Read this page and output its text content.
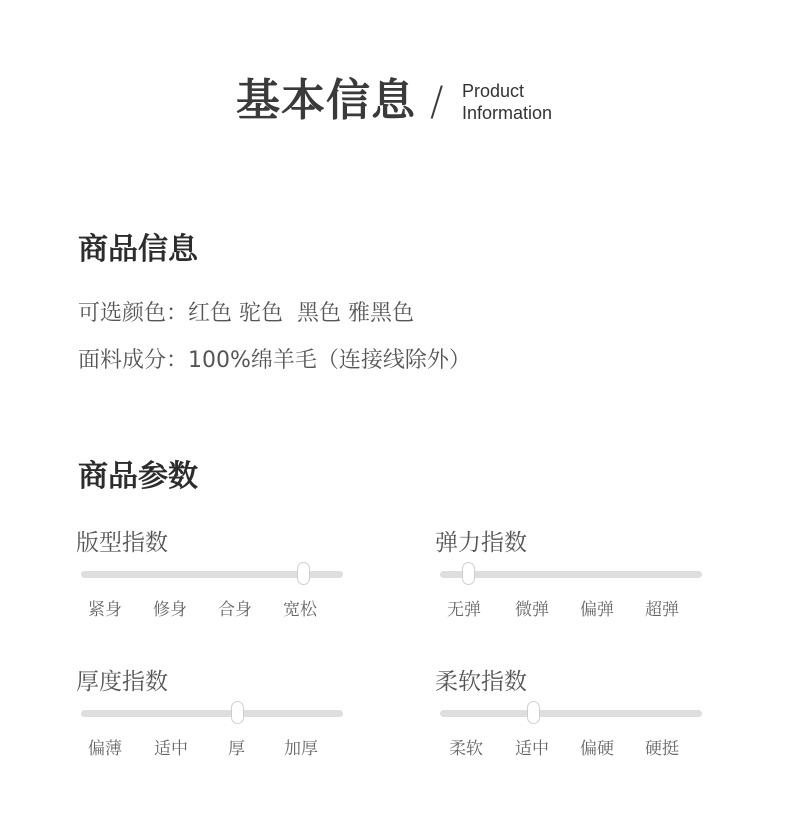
基本信息 / Product
Information
商品信息
可选颜色：红色 驼色  黑色 雅黑色
面料成分：100%绵羊毛（连接线除外）
商品参数
版型指数
紧身 修身 合身 宽松
弹力指数
无弹 微弹 偏弹 超弹
厚度指数
偏薄 适中 厚 加厚
柔软指数
柔软 适中 偏硬 硬挺
